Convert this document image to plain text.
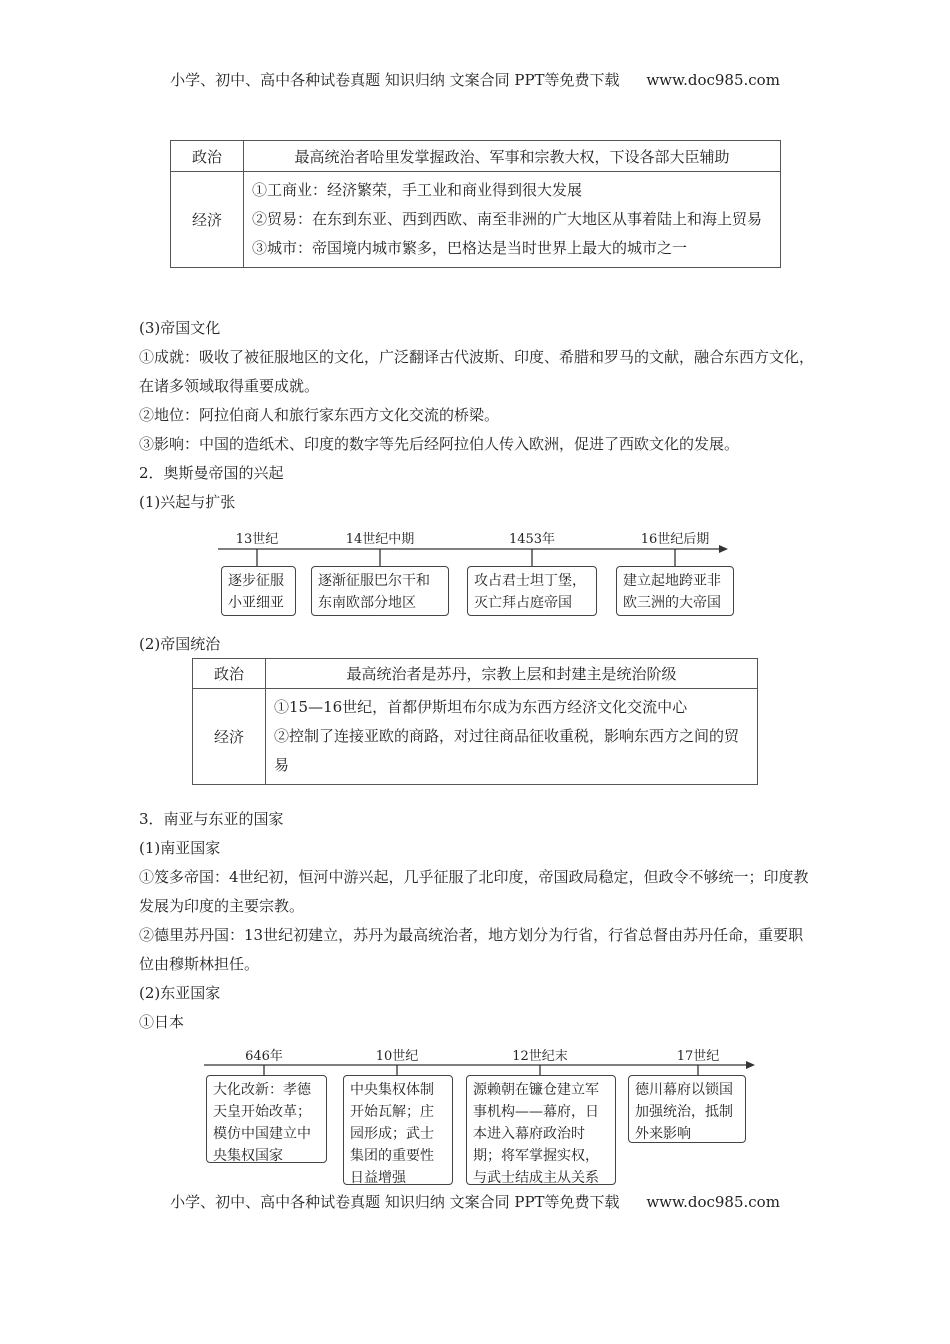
小学、初中、高中各种试卷真题 知识归纳 文案合同 PPT等免费下载 www.doc985.com
政治	最高统治者哈里发掌握政治、军事和宗教大权，下设各部大臣辅助
经济	①工商业：经济繁荣，手工业和商业得到很大发展
②贸易：在东到东亚、西到西欧、南至非洲的广大地区从事着陆上和海上贸易
③城市：帝国境内城市繁多，巴格达是当时世界上最大的城市之一
(3)帝国文化
①成就：吸收了被征服地区的文化，广泛翻译古代波斯、印度、希腊和罗马的文献，融合东西方文化，在诸多领域取得重要成就。
②地位：阿拉伯商人和旅行家东西方文化交流的桥梁。
③影响：中国的造纸术、印度的数字等先后经阿拉伯人传入欧洲，促进了西欧文化的发展。
2．奥斯曼帝国的兴起
(1)兴起与扩张
13世纪	14世纪中期	1453年	16世纪后期
逐步征服小亚细亚
逐渐征服巴尔干和东南欧部分地区
攻占君士坦丁堡，灭亡拜占庭帝国
建立起地跨亚非欧三洲的大帝国
(2)帝国统治
政治	最高统治者是苏丹，宗教上层和封建主是统治阶级
经济	①15—16世纪，首都伊斯坦布尔成为东西方经济文化交流中心
②控制了连接亚欧的商路，对过往商品征收重税，影响东西方之间的贸易
3．南亚与东亚的国家
(1)南亚国家
①笈多帝国：4世纪初，恒河中游兴起，几乎征服了北印度，帝国政局稳定，但政令不够统一；印度教发展为印度的主要宗教。
②德里苏丹国：13世纪初建立，苏丹为最高统治者，地方划分为行省，行省总督由苏丹任命，重要职位由穆斯林担任。
(2)东亚国家
①日本
646年	10世纪	12世纪末	17世纪
大化改新：孝德天皇开始改革；模仿中国建立中央集权国家
中央集权体制开始瓦解；庄园形成；武士集团的重要性日益增强
源赖朝在镰仓建立军事机构——幕府，日本进入幕府政治时期；将军掌握实权，与武士结成主从关系
德川幕府以锁国加强统治，抵制外来影响
小学、初中、高中各种试卷真题 知识归纳 文案合同 PPT等免费下载 www.doc985.com
